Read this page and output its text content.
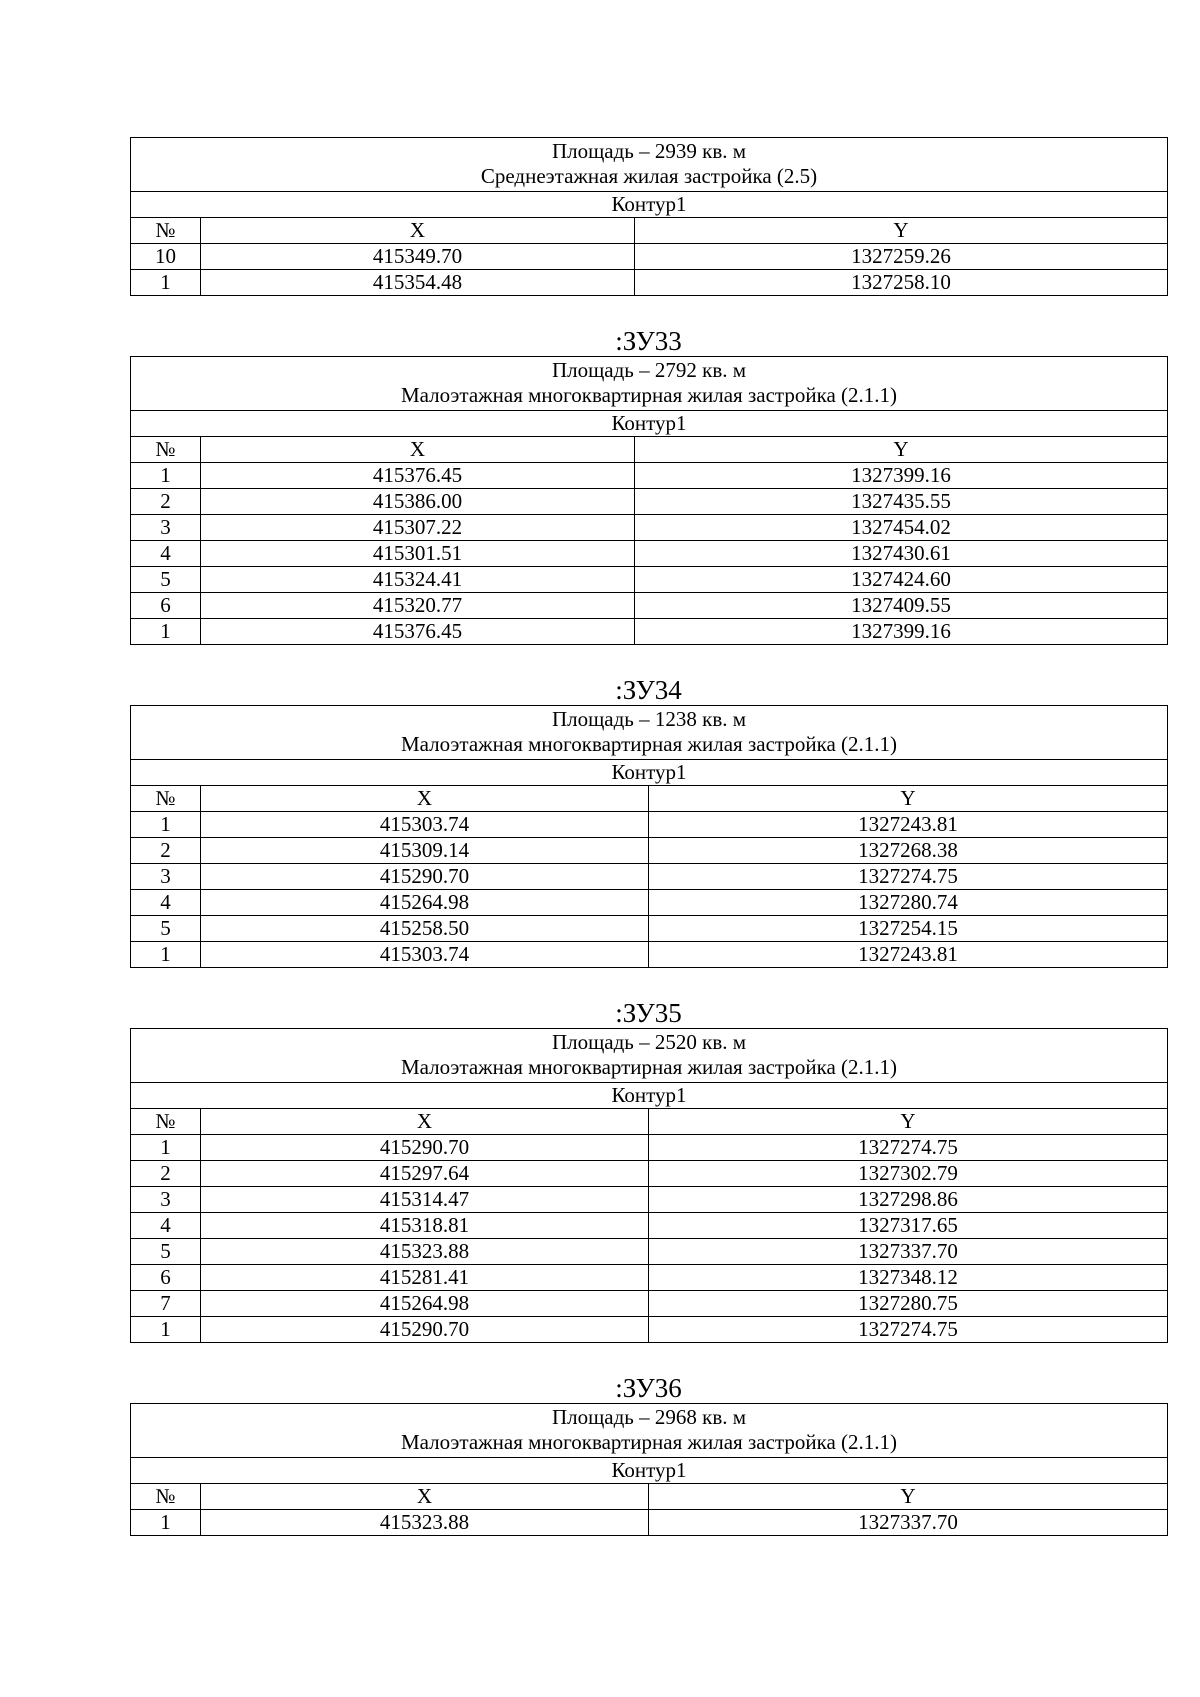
Площадь – 2939 кв. м
Среднеэтажная жилая застройка (2.5)		

Контур1		
№	X	Y
10	415349.70	1327259.26
1	415354.48	1327258.10
:ЗУ33
Площадь – 2792 кв. м
Малоэтажная многоквартирная жилая застройка (2.1.1)		

Контур1		
№	X	Y
1	415376.45	1327399.16
2	415386.00	1327435.55
3	415307.22	1327454.02
4	415301.51	1327430.61
5	415324.41	1327424.60
6	415320.77	1327409.55
1	415376.45	1327399.16
:ЗУ34
Площадь – 1238 кв. м
Малоэтажная многоквартирная жилая застройка (2.1.1)		

Контур1		
№	X	Y
1	415303.74	1327243.81
2	415309.14	1327268.38
3	415290.70	1327274.75
4	415264.98	1327280.74
5	415258.50	1327254.15
1	415303.74	1327243.81
:ЗУ35
Площадь – 2520 кв. м
Малоэтажная многоквартирная жилая застройка (2.1.1)		

Контур1		
№	X	Y
1	415290.70	1327274.75
2	415297.64	1327302.79
3	415314.47	1327298.86
4	415318.81	1327317.65
5	415323.88	1327337.70
6	415281.41	1327348.12
7	415264.98	1327280.75
1	415290.70	1327274.75
:ЗУ36
Площадь – 2968 кв. м
Малоэтажная многоквартирная жилая застройка (2.1.1)		

Контур1		
№	X	Y
1	415323.88	1327337.70
